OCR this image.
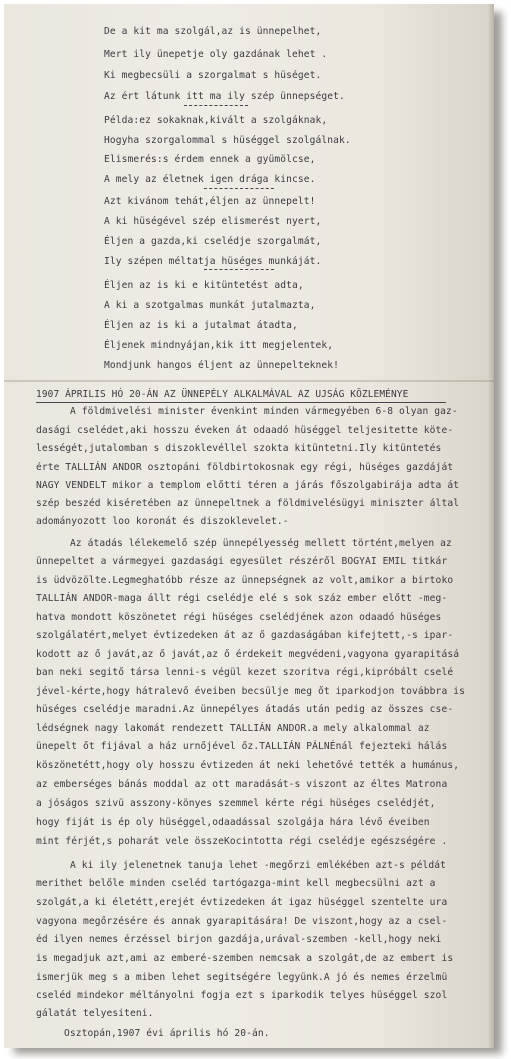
De a kit ma szolgál,az is ünnepelhet,
Mert ily ünepetje oly gazdának lehet .
Ki megbecsüli a szorgalmat s hüséget.
Az ért látunk itt ma ily szép ünnepséget.
Példa:ez sokaknak,kivált a szolgáknak,
Hogyha szorgalommal s hüséggel szolgálnak.
Elismerés:s érdem ennek a gyümölcse,
A mely az életnek igen drága kincse.
Azt kivánom tehát,éljen az ünnepelt!
A ki hüségével szép elismerést nyert,
Éljen a gazda,ki cselédje szorgalmát,
Ily szépen méltatja hüséges munkáját.
Éljen az is ki e kitüntetést adta,
A ki a szotgalmas munkát jutalmazta,
Éljen az is ki a jutalmat átadta,
Éljenek mindnyájan,kik itt megjelentek,
Mondjunk hangos éljent az ünnepelteknek!
1907 ÁPRILIS HÓ 20-ÁN AZ ÜNNEPÉLY ALKALMÁVAL AZ UJSÁG KÖZLEMÉNYE
A földmivelési minister évenkint minden vármegyében 6-8 olyan gaz-
dasági cselédet,aki hosszu éveken át odaadó hüséggel teljesitette köte-
lességét,jutalomban s diszoklevéllel szokta kitüntetni.Ily kitüntetés
érte TALLIÁN ANDOR osztopáni földbirtokosnak egy régi, hüséges gazdáját
NAGY VENDELT mikor a templom előtti téren a járás főszolgabirája adta át
szép beszéd kiséretében az ünnepeltnek a földmivelésügyi miniszter által
adományozott loo koronát és diszoklevelet.-
Az átadás lélekemelő szép ünnepélyesség mellett történt,melyen az
ünnepeltet a vármegyei gazdasági egyesület részéről BOGYAI EMIL titkár
is üdvözölte.Legmeghatóbb része az ünnepségnek az volt,amikor a birtoko
TALLIÁN ANDOR-maga állt régi cselédje elé s sok száz ember előtt -meg-
hatva mondott köszönetet régi hüséges cselédjének azon odaadó hüséges
szolgálatért,melyet évtizedeken át az ő gazdaságában kifejtett,-s ipar-
kodott az ő javát,az ő javát,az ő érdekeit megvédeni,vagyona gyarapitásá
ban neki segitő társa lenni-s végül kezet szoritva régi,kipróbált cselé
jével-kérte,hogy hátralevő éveiben becsülje meg őt iparkodjon továbbra is
hüséges cselédje maradni.Az ünnepélyes átadás után pedig az összes cse-
lédségnek nagy lakomát rendezett TALLIÁN ANDOR.a mely alkalommal az
ünepelt őt fijával a ház urnőjével őz.TALLIÁN PÁLNÉnál fejezteki hálás
köszönetétt,hogy oly hosszu évtizeden át neki lehetővé tették a humánus,
az emberséges bánás moddal az ott maradását-s viszont az éltes Matrona
a jóságos szivü asszony-könyes szemmel kérte régi hüséges cselédjét,
hogy fiját is ép oly hüséggel,odaadással szolgája hára lévő éveiben
mint férjét,s poharát vele összeKocintotta régi cselédje egészségére .
A ki ily jelenetnek tanuja lehet -megőrzi emlékében azt-s példát
merithet belőle minden cseléd tartógazga-mint kell megbecsülni azt a
szolgát,a ki életétt,erejét évtizedeken át igaz hüséggel szentelte ura
vagyona megőrzésére és annak gyarapitására! De viszont,hogy az a csel-
éd ilyen nemes érzéssel birjon gazdája,urával-szemben -kell,hogy neki
is megadjuk azt,ami az emberé-szemben nemcsak a szolgát,de az embert is
ismerjük meg s a miben lehet segitségére legyünk.A jó és nemes érzelmü
cseléd mindekor méltányolni fogja ezt s iparkodik telyes hüséggel szol
gálatát telyesiteni.
Osztopán,1907 évi április hó 20-án.
